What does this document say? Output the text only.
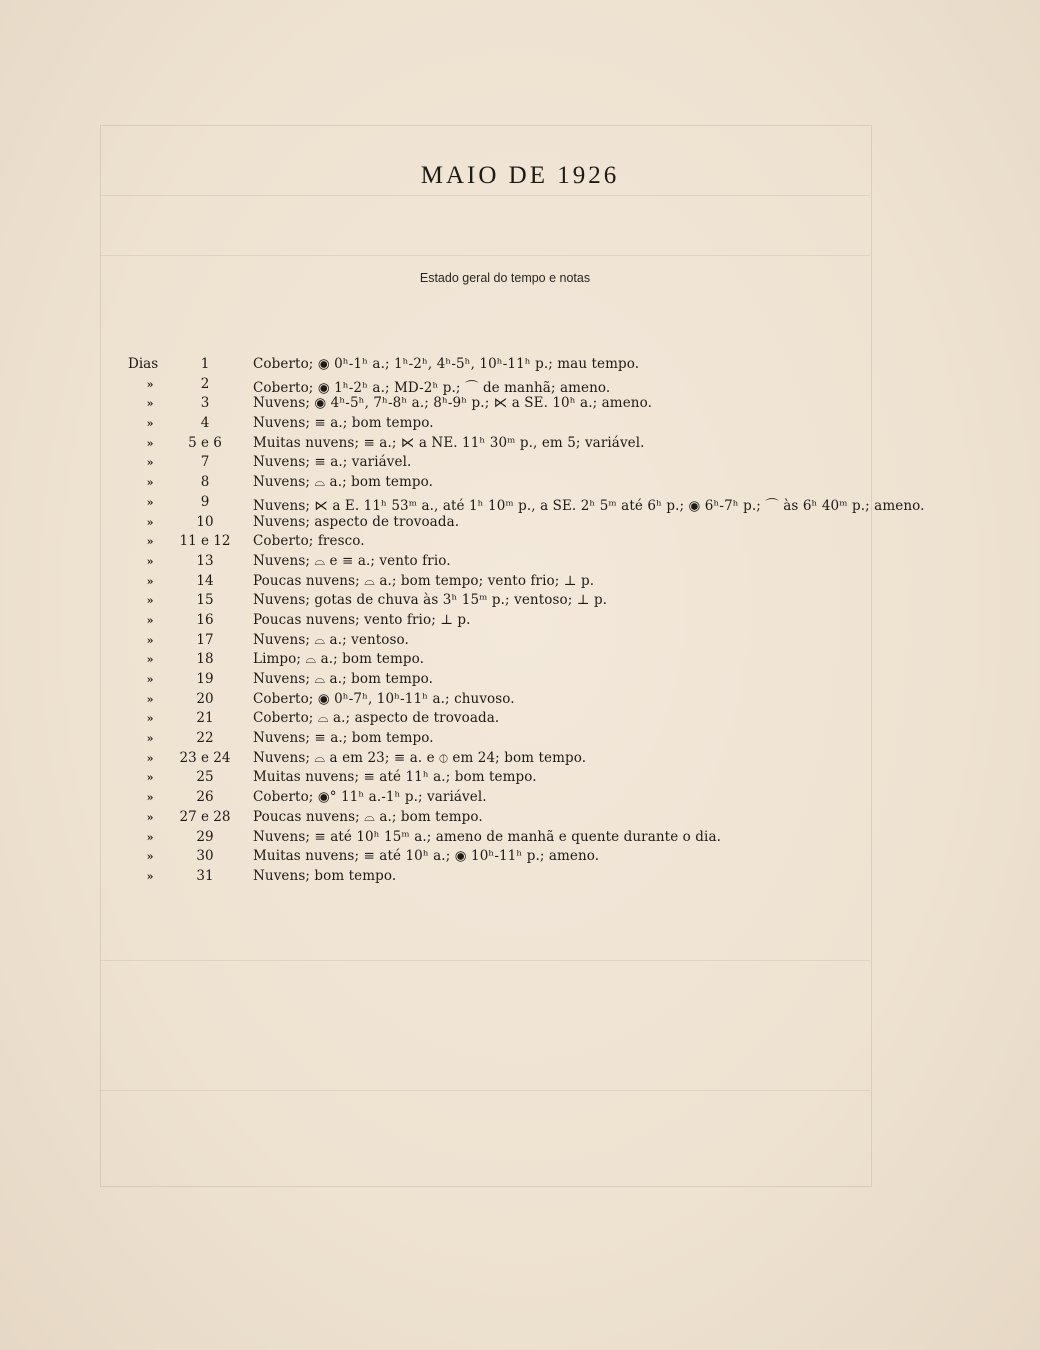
MAIO DE 1926
Estado geral do tempo e notas
Dias	1	Coberto; ◉ 0ʰ-1ʰ a.; 1ʰ-2ʰ, 4ʰ-5ʰ, 10ʰ-11ʰ p.; mau tempo.
»	2	Coberto; ◉ 1ʰ-2ʰ a.; MD-2ʰ p.; ⌒ de manhã; ameno.
»	3	Nuvens; ◉ 4ʰ-5ʰ, 7ʰ-8ʰ a.; 8ʰ-9ʰ p.; ⋉ a SE. 10ʰ a.; ameno.
»	4	Nuvens; ≡ a.; bom tempo.
»	5 e 6	Muitas nuvens; ≡ a.; ⋉ a NE. 11ʰ 30ᵐ p., em 5; variável.
»	7	Nuvens; ≡ a.; variável.
»	8	Nuvens; ⌓ a.; bom tempo.
»	9	Nuvens; ⋉ a E. 11ʰ 53ᵐ a., até 1ʰ 10ᵐ p., a SE. 2ʰ 5ᵐ até 6ʰ p.; ◉ 6ʰ-7ʰ p.; ⌒ às 6ʰ 40ᵐ p.; ameno.
»	10	Nuvens; aspecto de trovoada.
»	11 e 12	Coberto; fresco.
»	13	Nuvens; ⌓ e ≡ a.; vento frio.
»	14	Poucas nuvens; ⌓ a.; bom tempo; vento frio; ⊥ p.
»	15	Nuvens; gotas de chuva às 3ʰ 15ᵐ p.; ventoso; ⊥ p.
»	16	Poucas nuvens; vento frio; ⊥ p.
»	17	Nuvens; ⌓ a.; ventoso.
»	18	Limpo; ⌓ a.; bom tempo.
»	19	Nuvens; ⌓ a.; bom tempo.
»	20	Coberto; ◉ 0ʰ-7ʰ, 10ʰ-11ʰ a.; chuvoso.
»	21	Coberto; ⌓ a.; aspecto de trovoada.
»	22	Nuvens; ≡ a.; bom tempo.
»	23 e 24	Nuvens; ⌓ a em 23; ≡ a. e ⦶ em 24; bom tempo.
»	25	Muitas nuvens; ≡ até 11ʰ a.; bom tempo.
»	26	Coberto; ◉° 11ʰ a.-1ʰ p.; variável.
»	27 e 28	Poucas nuvens; ⌓ a.; bom tempo.
»	29	Nuvens; ≡ até 10ʰ 15ᵐ a.; ameno de manhã e quente durante o dia.
»	30	Muitas nuvens; ≡ até 10ʰ a.; ◉ 10ʰ-11ʰ p.; ameno.
»	31	Nuvens; bom tempo.
